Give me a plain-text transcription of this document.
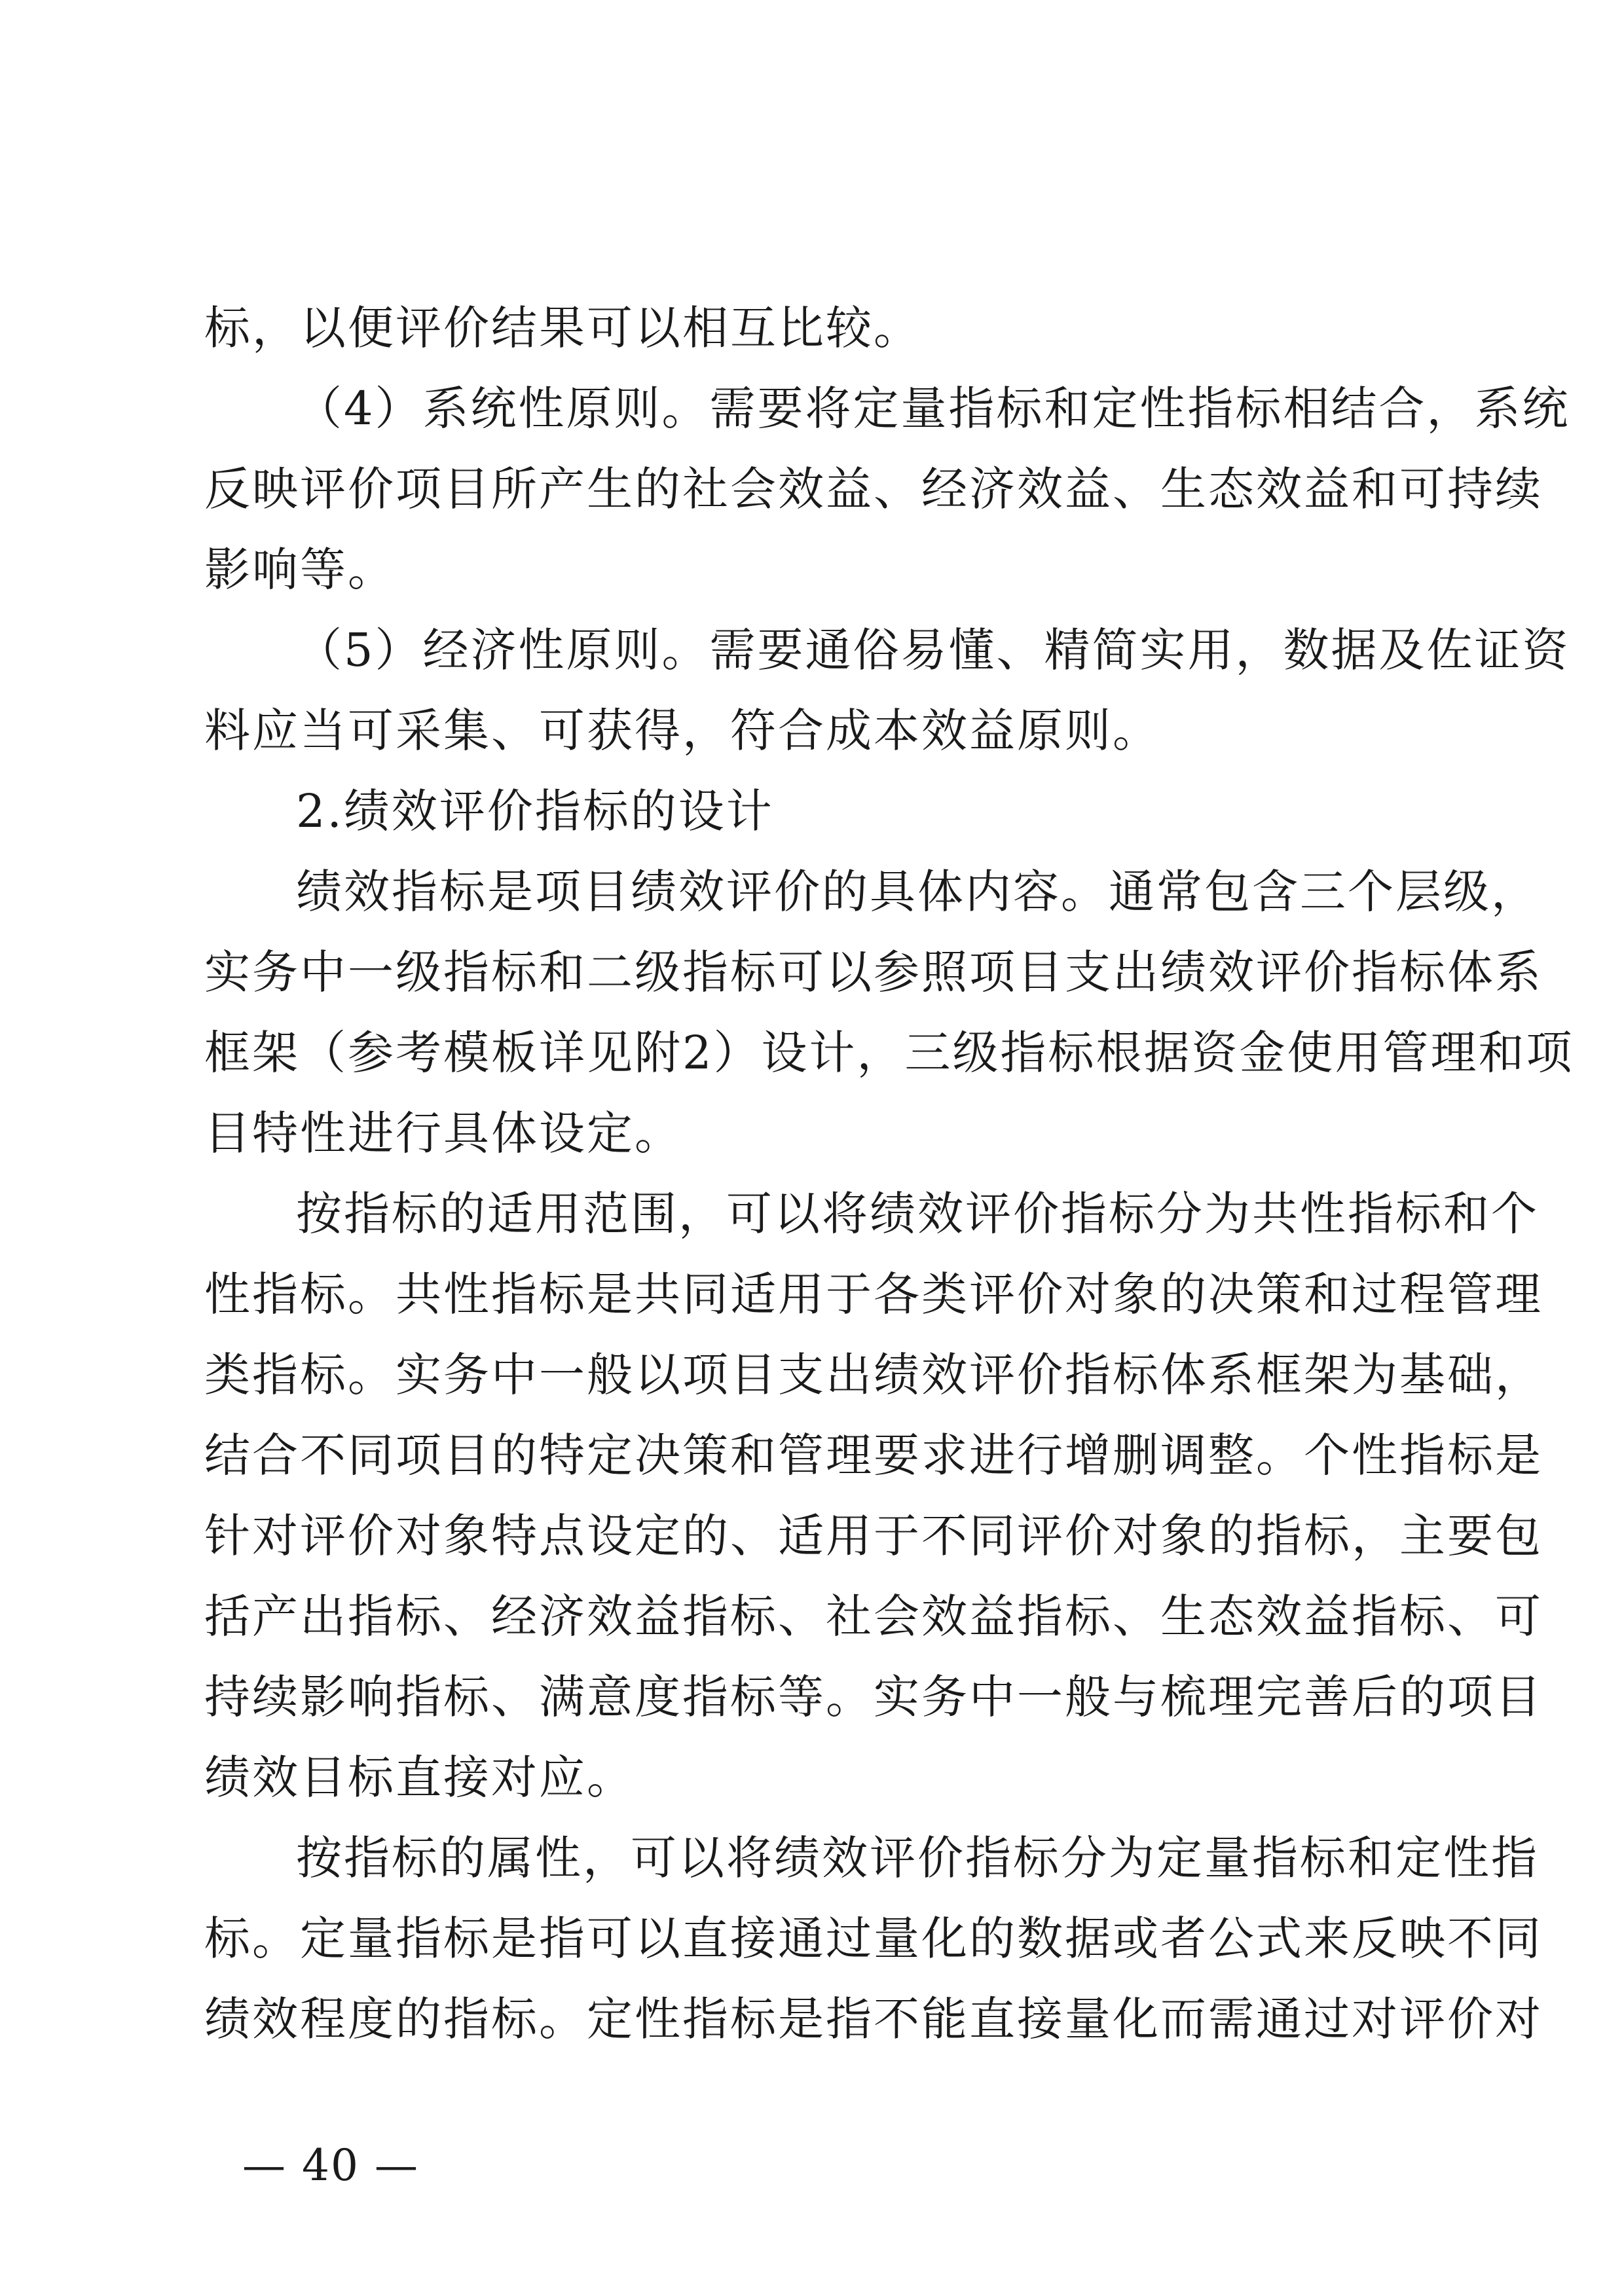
标，以便评价结果可以相互比较。
（4）系统性原则。需要将定量指标和定性指标相结合，系统
反映评价项目所产生的社会效益、经济效益、生态效益和可持续
影响等。
（5）经济性原则。需要通俗易懂、精简实用，数据及佐证资
料应当可采集、可获得，符合成本效益原则。
2.绩效评价指标的设计
绩效指标是项目绩效评价的具体内容。通常包含三个层级，
实务中一级指标和二级指标可以参照项目支出绩效评价指标体系
框架（参考模板详见附2）设计，三级指标根据资金使用管理和项
目特性进行具体设定。
按指标的适用范围，可以将绩效评价指标分为共性指标和个
性指标。共性指标是共同适用于各类评价对象的决策和过程管理
类指标。实务中一般以项目支出绩效评价指标体系框架为基础，
结合不同项目的特定决策和管理要求进行增删调整。个性指标是
针对评价对象特点设定的、适用于不同评价对象的指标，主要包
括产出指标、经济效益指标、社会效益指标、生态效益指标、可
持续影响指标、满意度指标等。实务中一般与梳理完善后的项目
绩效目标直接对应。
按指标的属性，可以将绩效评价指标分为定量指标和定性指
标。定量指标是指可以直接通过量化的数据或者公式来反映不同
绩效程度的指标。定性指标是指不能直接量化而需通过对评价对
— 40 —
